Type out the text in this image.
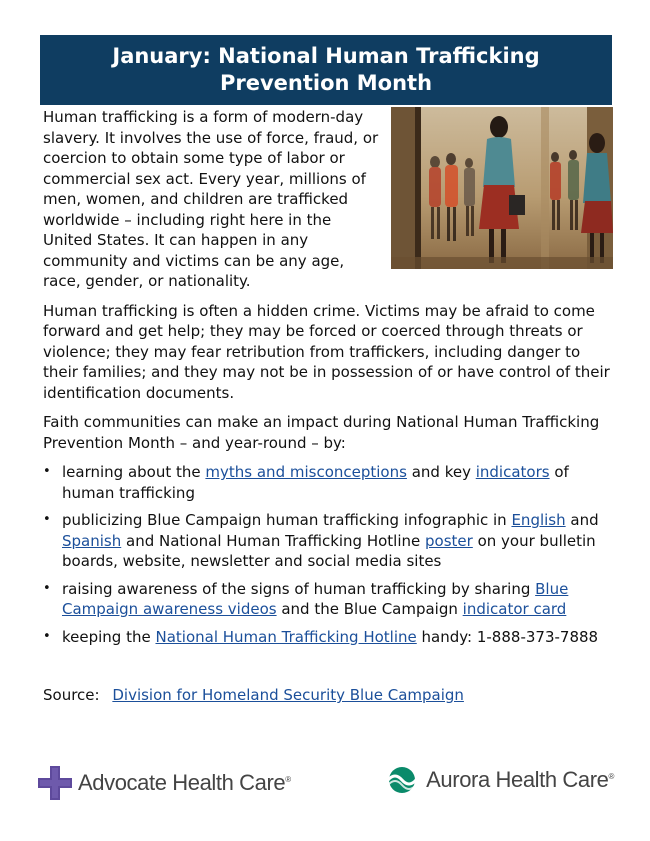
January: National Human Trafficking
Prevention Month

Human trafficking is a form of modern-day slavery. It involves the use of force, fraud, or coercion to obtain some type of labor or commercial sex act. Every year, millions of men, women, and children are trafficked worldwide – including right here in the United States. It can happen in any community and victims can be any age, race, gender, or nationality.

Human trafficking is often a hidden crime. Victims may be afraid to come forward and get help; they may be forced or coerced through threats or violence; they may fear retribution from traffickers, including danger to their families; and they may not be in possession of or have control of their identification documents.

Faith communities can make an impact during National Human Trafficking Prevention Month – and year-round – by:

• learning about the myths and misconceptions and key indicators of human trafficking
• publicizing Blue Campaign human trafficking infographic in English and Spanish and National Human Trafficking Hotline poster on your bulletin boards, website, newsletter and social media sites
• raising awareness of the signs of human trafficking by sharing Blue Campaign awareness videos and the Blue Campaign indicator card
• keeping the National Human Trafficking Hotline handy: 1-888-373-7888
Source: Division for Homeland Security Blue Campaign
Advocate Health Care®	Aurora Health Care®
